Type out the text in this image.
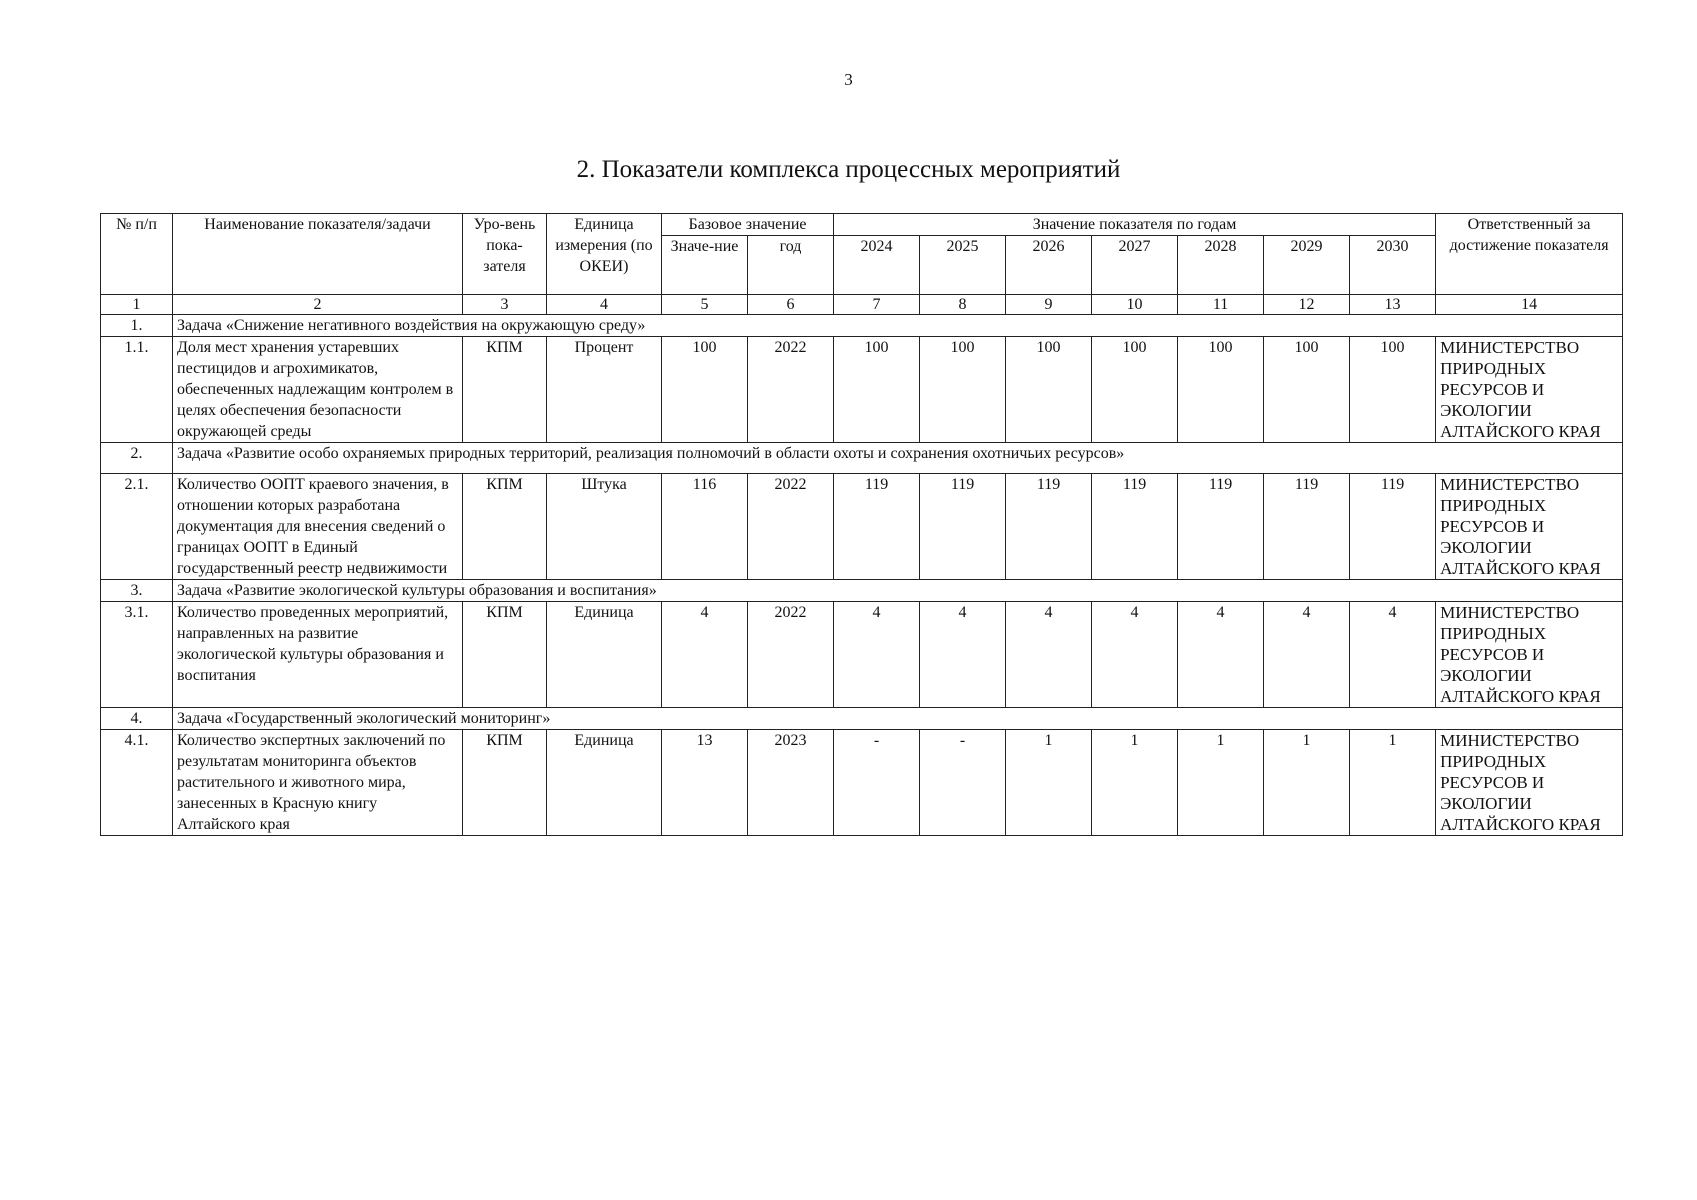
3
2. Показатели комплекса процессных мероприятий
№ п/п	Наименование показателя/задачи	Уро-вень пока-зателя	Единица измерения (по ОКЕИ)	Базовое значение		Значение показателя по годам							Ответственный за достижение показателя
				Значе-ние	год	2024	2025	2026	2027	2028	2029	2030	
1	2	3	4	5	6	7	8	9	10	11	12	13	14
1.	Задача «Снижение негативного воздействия на окружающую среду»												
1.1.	Доля мест хранения устаревших пестицидов и агрохимикатов, обеспеченных надлежащим контролем в целях обеспечения безопасности окружающей среды	КПМ	Процент	100	2022	100	100	100	100	100	100	100	МИНИСТЕРСТВО ПРИРОДНЫХ РЕСУРСОВ И ЭКОЛОГИИ АЛТАЙСКОГО КРАЯ
2.	Задача «Развитие особо охраняемых природных территорий, реализация полномочий в области охоты и сохранения охотничьих ресурсов»												
2.1.	Количество ООПТ краевого значения, в отношении которых разработана документация для внесения сведений о границах ООПТ в Единый государственный реестр недвижимости	КПМ	Штука	116	2022	119	119	119	119	119	119	119	МИНИСТЕРСТВО ПРИРОДНЫХ РЕСУРСОВ И ЭКОЛОГИИ АЛТАЙСКОГО КРАЯ
3.	Задача «Развитие экологической культуры образования и воспитания»												
3.1.	Количество проведенных мероприятий, направленных на развитие экологической культуры образования и воспитания	КПМ	Единица	4	2022	4	4	4	4	4	4	4	МИНИСТЕРСТВО ПРИРОДНЫХ РЕСУРСОВ И ЭКОЛОГИИ АЛТАЙСКОГО КРАЯ
4.	Задача «Государственный экологический мониторинг»												
4.1.	Количество экспертных заключений по результатам мониторинга объектов растительного и животного мира, занесенных в Красную книгу Алтайского края	КПМ	Единица	13	2023	-	-	1	1	1	1	1	МИНИСТЕРСТВО ПРИРОДНЫХ РЕСУРСОВ И ЭКОЛОГИИ АЛТАЙСКОГО КРАЯ
